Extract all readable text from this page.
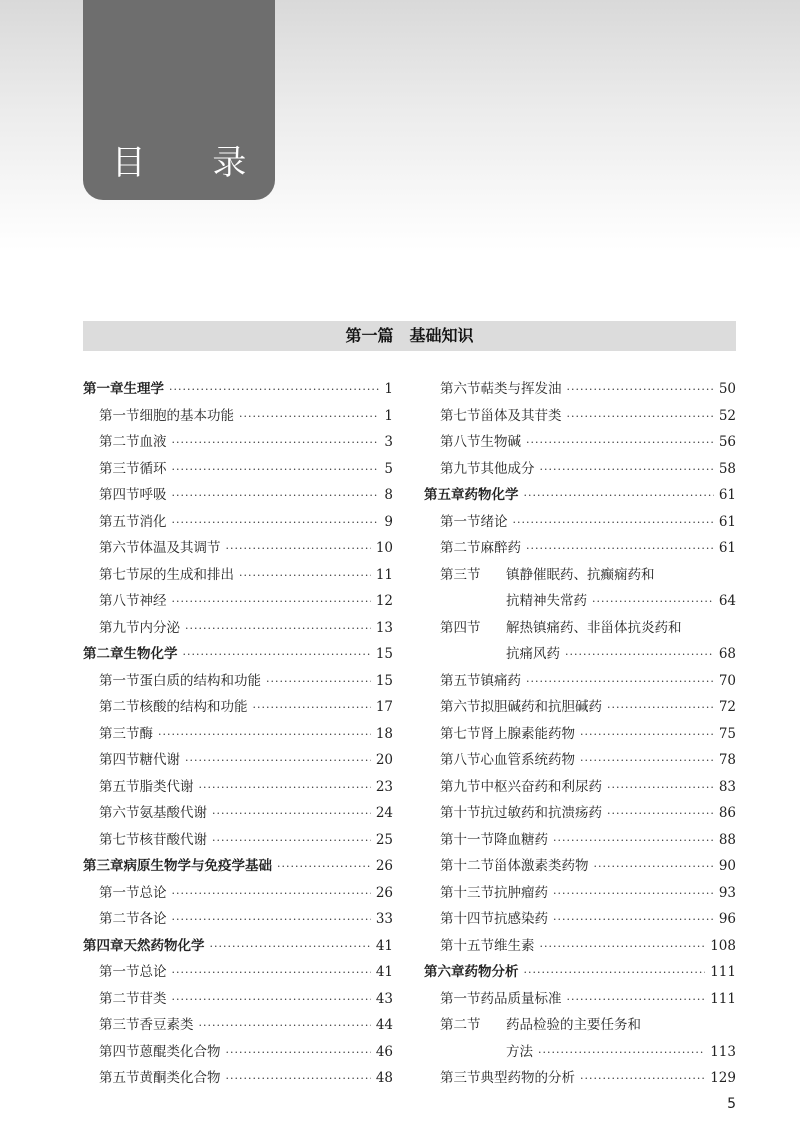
目 录
第一篇　基础知识
第一章 生理学 ·····	1
第一节 细胞的基本功能 ·····	1
第二节 血液 ·····	3
第三节 循环 ·····	5
第四节 呼吸 ·····	8
第五节 消化 ·····	9
第六节 体温及其调节 ·····	10
第七节 尿的生成和排出 ·····	11
第八节 神经 ·····	12
第九节 内分泌 ·····	13
第二章 生物化学 ·····	15
第一节 蛋白质的结构和功能 ·····	15
第二节 核酸的结构和功能 ·····	17
第三节 酶 ·····	18
第四节 糖代谢 ·····	20
第五节 脂类代谢 ·····	23
第六节 氨基酸代谢 ·····	24
第七节 核苷酸代谢 ·····	25
第三章 病原生物学与免疫学基础 ·····	26
第一节 总论 ·····	26
第二节 各论 ·····	33
第四章 天然药物化学 ·····	41
第一节 总论 ·····	41
第二节 苷类 ·····	43
第三节 香豆素类 ·····	44
第四节 蒽醌类化合物 ·····	46
第五节 黄酮类化合物 ·····	48
第六节 萜类与挥发油 ·····	50
第七节 甾体及其苷类 ·····	52
第八节 生物碱 ·····	56
第九节 其他成分 ·····	58
第五章 药物化学 ·····	61
第一节 绪论 ·····	61
第二节 麻醉药 ·····	61
第三节	镇静催眠药、抗癫痫药和
抗精神失常药 ·····	64
第四节	解热镇痛药、非甾体抗炎药和
抗痛风药 ·····	68
第五节 镇痛药 ·····	70
第六节 拟胆碱药和抗胆碱药 ·····	72
第七节 肾上腺素能药物 ·····	75
第八节 心血管系统药物 ·····	78
第九节 中枢兴奋药和利尿药 ·····	83
第十节 抗过敏药和抗溃疡药 ·····	86
第十一节 降血糖药 ·····	88
第十二节 甾体激素类药物 ·····	90
第十三节 抗肿瘤药 ·····	93
第十四节 抗感染药 ·····	96
第十五节 维生素 ·····	108
第六章 药物分析 ·····	111
第一节 药品质量标准 ·····	111
第二节	药品检验的主要任务和
方法 ·····	113
第三节 典型药物的分析 ·····	129
5
